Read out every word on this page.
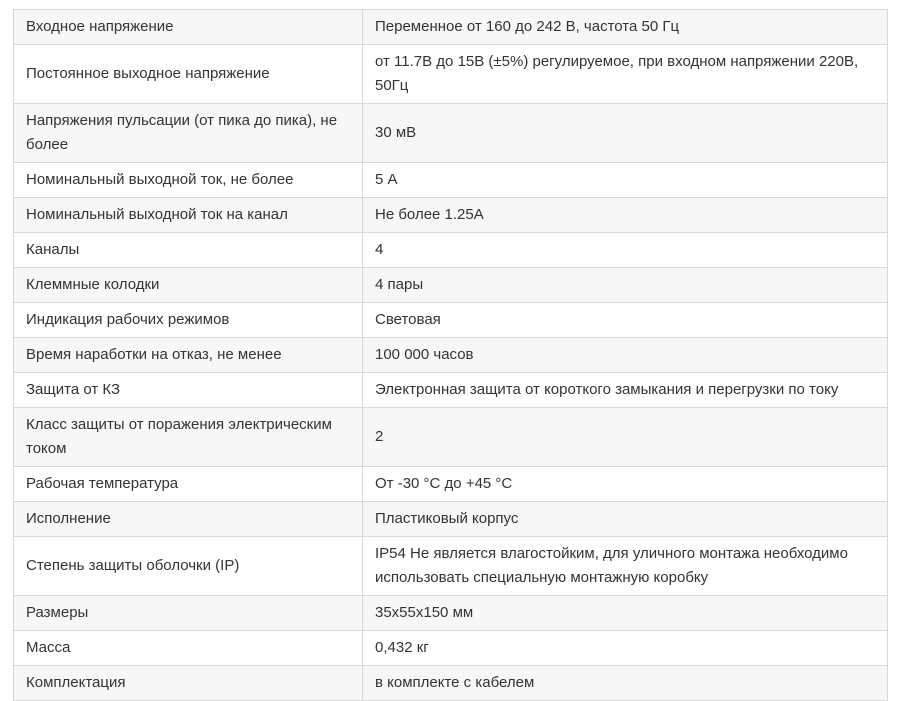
Входное напряжение	Переменное от 160 до 242 В, частота 50 Гц
Постоянное выходное напряжение	от 11.7В до 15В (±5%) регулируемое, при входном напряжении 220В, 50Гц
Напряжения пульсации (от пика до пика), не более	30 мВ
Номинальный выходной ток, не более	5 А
Номинальный выходной ток на канал	Не более 1.25А
Каналы	4
Клеммные колодки	4 пары
Индикация рабочих режимов	Световая
Время наработки на отказ, не менее	100 000 часов
Защита от КЗ	Электронная защита от короткого замыкания и перегрузки по току
Класс защиты от поражения электрическим током	2
Рабочая температура	От -30 °С до +45 °С
Исполнение	Пластиковый корпус
Степень защиты оболочки (IP)	IP54 Не является влагостойким, для уличного монтажа необходимо использовать специальную монтажную коробку
Размеры	35х55х150 мм
Масса	0,432 кг
Комплектация	в комплекте с кабелем
